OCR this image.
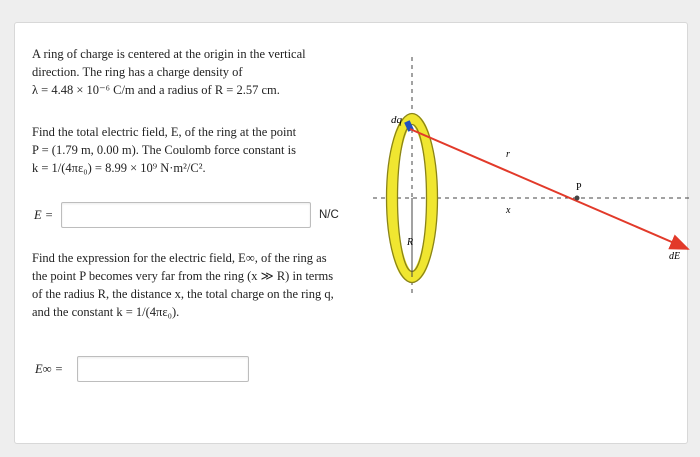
A ring of charge is centered at the origin in the vertical
direction. The ring has a charge density of
λ = 4.48 × 10⁻⁶ C/m and a radius of R = 2.57 cm.
Find the total electric field, E, of the ring at the point
P = (1.79 m, 0.00 m). The Coulomb force constant is
k = 1/(4πε₀) = 8.99 × 10⁹ N·m²/C².
E =	N/C
Find the expression for the electric field, E∞, of the ring as
the point P becomes very far from the ring (x ≫ R) in terms
of the radius R, the distance x, the total charge on the ring q,
and the constant k = 1/(4πε₀).
E∞ =
dq
r
P
x
R
dE⃗
